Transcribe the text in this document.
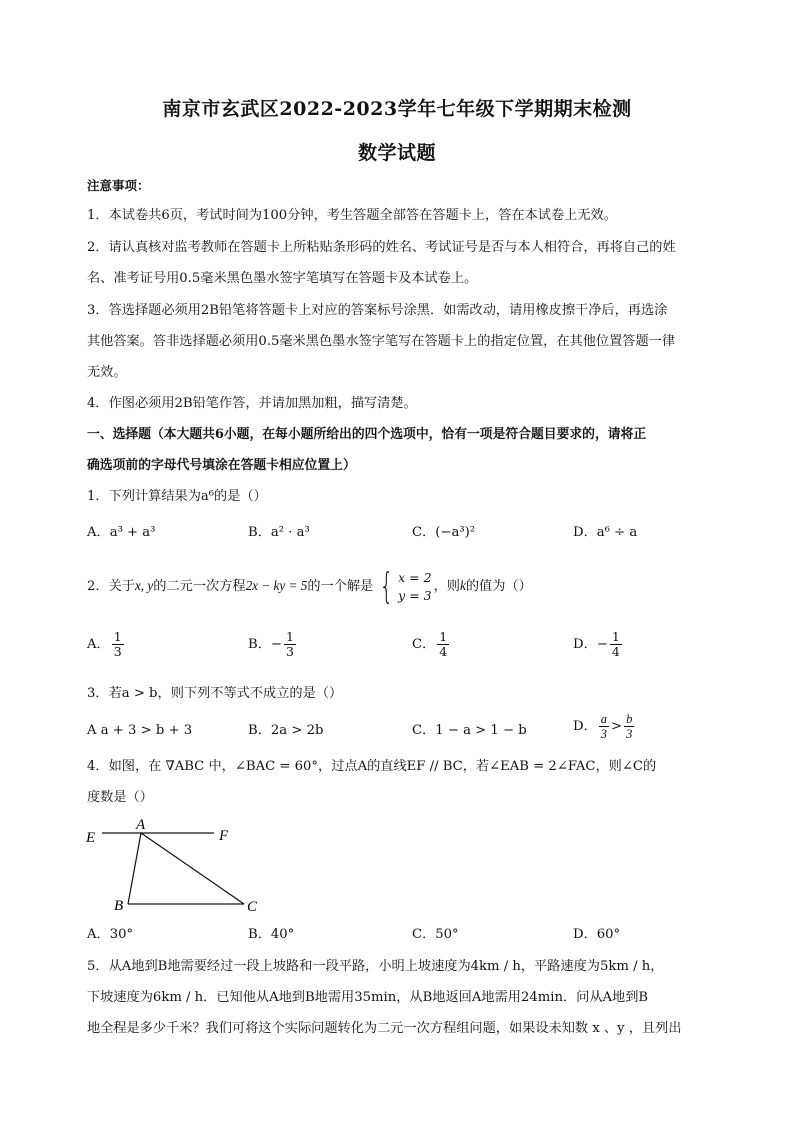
南京市玄武区2022-2023学年七年级下学期期末检测
数学试题
注意事项：
1．本试卷共6页，考试时间为100分钟，考生答题全部答在答题卡上，答在本试卷上无效。
2．请认真核对监考教师在答题卡上所粘贴条形码的姓名、考试证号是否与本人相符合，再将自己的姓
名、准考证号用0.5毫米黑色墨水签字笔填写在答题卡及本试卷上。
3．答选择题必须用2B铅笔将答题卡上对应的答案标号涂黑．如需改动，请用橡皮擦干净后，再选涂
其他答案。答非选择题必须用0.5毫米黑色墨水签字笔写在答题卡上的指定位置，在其他位置答题一律
无效。
4．作图必须用2B铅笔作答，并请加黑加粗，描写清楚。
一、选择题（本大题共6小题，在每小题所给出的四个选项中，恰有一项是符合题目要求的，请将正
确选项前的字母代号填涂在答题卡相应位置上）
1．下列计算结果为a⁶的是（）
A．a³ + a³	B．a² · a³	C．(−a³)²	D．a⁶ ÷ a
2．关于x, y的二元一次方程2x − ky = 5的一个解是 { x = 2
y = 3
，则k的值为（）
A． $\frac{1}{3}$	B．− $\frac{1}{3}$	C． $\frac{1}{4}$	D．− $\frac{1}{4}$
3．若a > b，则下列不等式不成立的是（）
A a + 3 > b + 3	B．2a > 2b	C．1 − a > 1 − b	D． $\frac{a}{3} > \frac{b}{3}$
4．如图，在 ∇ABC 中，∠BAC = 60°，过点A的直线EF // BC，若∠EAB = 2∠FAC，则∠C的
度数是（）
E
A
F
B	C
A．30°	B．40°	C．50°	D．60°
5．从A地到B地需要经过一段上坡路和一段平路，小明上坡速度为4km / h，平路速度为5km / h，
下坡速度为6km / h．已知他从A地到B地需用35min，从B地返回A地需用24min．问从A地到B
地全程是多少千米？我们可将这个实际问题转化为二元一次方程组问题，如果设未知数 x 、y ，且列出
